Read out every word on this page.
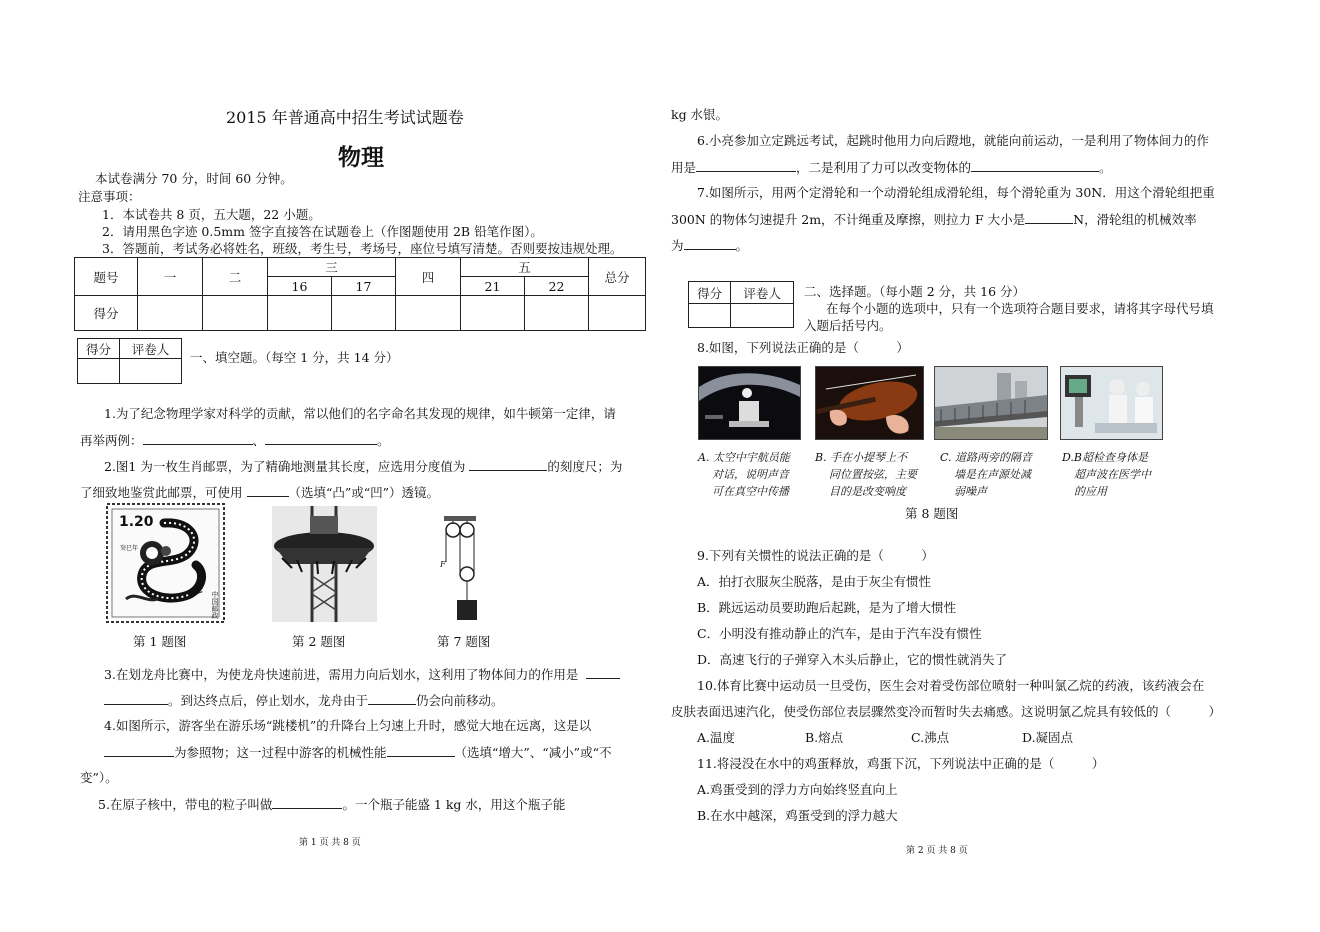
2015 年普通高中招生考试试题卷
物理
本试卷满分 70 分，时间 60 分钟。
注意事项：
1．本试卷共 8 页，五大题，22 小题。
2．请用黑色字迹 0.5mm 签字直接答在试题卷上（作图题使用 2B 铅笔作图）。
3．答题前，考试务必将姓名，班级，考生号，考场号，座位号填写清楚。否则要按违规处理。
题号	一	二	三		四	五		总分
			16	17		21	22	
得分								
得分	评卷人

一、填空题。（每空 1 分，共 14 分）
1.为了纪念物理学家对科学的贡献，常以他们的名字命名其发现的规律，如牛顿第一定律，请
再举两例：	、	。
2.图1 为一枚生肖邮票，为了精确地测量其长度，应选用分度值为	的刻度尺；为
了细致地鉴赏此邮票，可使用	（选填“凸”或“凹”）透镜。
1.20
CHINA
中国邮政
癸巳年
F
第 1 题图	第 2 题图	第 7 题图
3.在划龙舟比赛中，为使龙舟快速前进，需用力向后划水，这利用了物体间力的作用是
。到达终点后，停止划水，龙舟由于	仍会向前移动。
4.如图所示，游客坐在游乐场“跳楼机”的升降台上匀速上升时，感觉大地在远离，这是以
为参照物；这一过程中游客的机械性能	（选填“增大”、“减小”或“不
变”）。
5.在原子核中，带电的粒子叫做	。一个瓶子能盛 1 kg 水，用这个瓶子能
第 1 页 共 8 页
kg 水银。
6.小亮参加立定跳远考试，起跳时他用力向后蹬地，就能向前运动，一是利用了物体间力的作
用是	，二是利用了力可以改变物体的	。
7.如图所示，用两个定滑轮和一个动滑轮组成滑轮组，每个滑轮重为 30N．用这个滑轮组把重
300N 的物体匀速提升 2m，不计绳重及摩擦，则拉力 F 大小是	N，滑轮组的机械效率
为	。
得分	评卷人
	二、选择题。（每小题 2 分，共 16 分）
在每个小题的选项中，只有一个选项符合题目要求，请将其字母代号填
入题后括号内。
8.如图，下列说法正确的是（　　　）
A. 太空中宇航员能
对话，说明声音
可在真空中传播
B. 手在小提琴上不
同位置按弦，主要
目的是改变响度
C. 道路两旁的隔音
墙是在声源处减
弱噪声
D.B超检查身体是
超声波在医学中
的应用
第 8 题图
9.下列有关惯性的说法正确的是（　　　）
A．拍打衣服灰尘脱落，是由于灰尘有惯性
B．跳远运动员要助跑后起跳，是为了增大惯性
C．小明没有推动静止的汽车，是由于汽车没有惯性
D．高速飞行的子弹穿入木头后静止，它的惯性就消失了
10.体育比赛中运动员一旦受伤，医生会对着受伤部位喷射一种叫氯乙烷的药液，该药液会在
皮肤表面迅速汽化，使受伤部位表层骤然变冷而暂时失去痛感。这说明氯乙烷具有较低的（　　　）
A.温度	B.熔点	C.沸点	D.凝固点
11.将浸没在水中的鸡蛋释放，鸡蛋下沉，下列说法中正确的是（　　　）
A.鸡蛋受到的浮力方向始终竖直向上
B.在水中越深，鸡蛋受到的浮力越大
第 2 页 共 8 页
